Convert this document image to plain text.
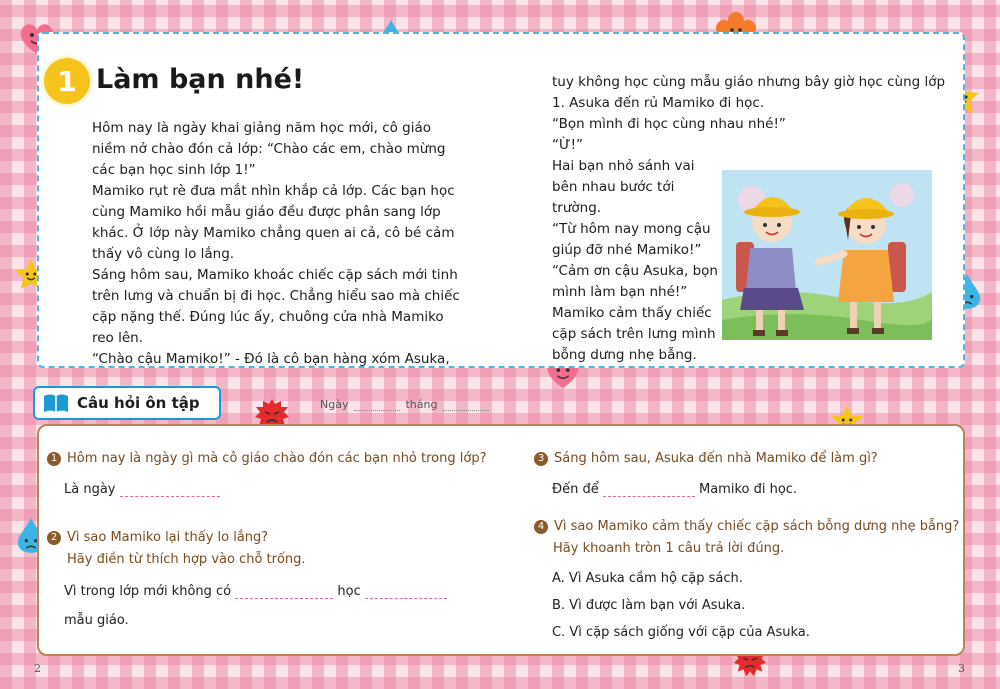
1 Làm bạn nhé!

Hôm nay là ngày khai giảng năm học mới, cô giáo niềm nở chào đón cả lớp: “Chào các em, chào mừng các bạn học sinh lớp 1!”

Mamiko rụt rè đưa mắt nhìn khắp cả lớp. Các bạn học cùng Mamiko hồi mẫu giáo đều được phân sang lớp khác. Ở lớp này Mamiko chẳng quen ai cả, cô bé cảm thấy vô cùng lo lắng.

Sáng hôm sau, Mamiko khoác chiếc cặp sách mới tinh trên lưng và chuẩn bị đi học. Chẳng hiểu sao mà chiếc cặp nặng thế. Đúng lúc ấy, chuông cửa nhà Mamiko reo lên.

“Chào cậu Mamiko!” - Đó là cô bạn hàng xóm Asuka,

tuy không học cùng mẫu giáo nhưng bây giờ học cùng lớp 1. Asuka đến rủ Mamiko đi học.

“Bọn mình đi học cùng nhau nhé!”

“Ừ!”

Hai bạn nhỏ sánh vai bên nhau bước tới trường.

“Từ hôm nay mong cậu giúp đỡ nhé Mamiko!”

“Cảm ơn cậu Asuka, bọn mình làm bạn nhé!”

Mamiko cảm thấy chiếc cặp sách trên lưng mình bỗng dưng nhẹ bẫng.

Câu hỏi ôn tập	Ngày	tháng
1 Hôm nay là ngày gì mà cô giáo chào đón các bạn nhỏ trong lớp?
Là ngày
2 Vì sao Mamiko lại thấy lo lắng?
Hãy điền từ thích hợp vào chỗ trống.
Vì trong lớp mới không có	học
mẫu giáo.
3 Sáng hôm sau, Asuka đến nhà Mamiko để làm gì?
Đến để	Mamiko đi học.
4 Vì sao Mamiko cảm thấy chiếc cặp sách bỗng dưng nhẹ bẫng?
Hãy khoanh tròn 1 câu trả lời đúng.
A. Vì Asuka cầm hộ cặp sách.
B. Vì được làm bạn với Asuka.
C. Vì cặp sách giống với cặp của Asuka.
2	3
